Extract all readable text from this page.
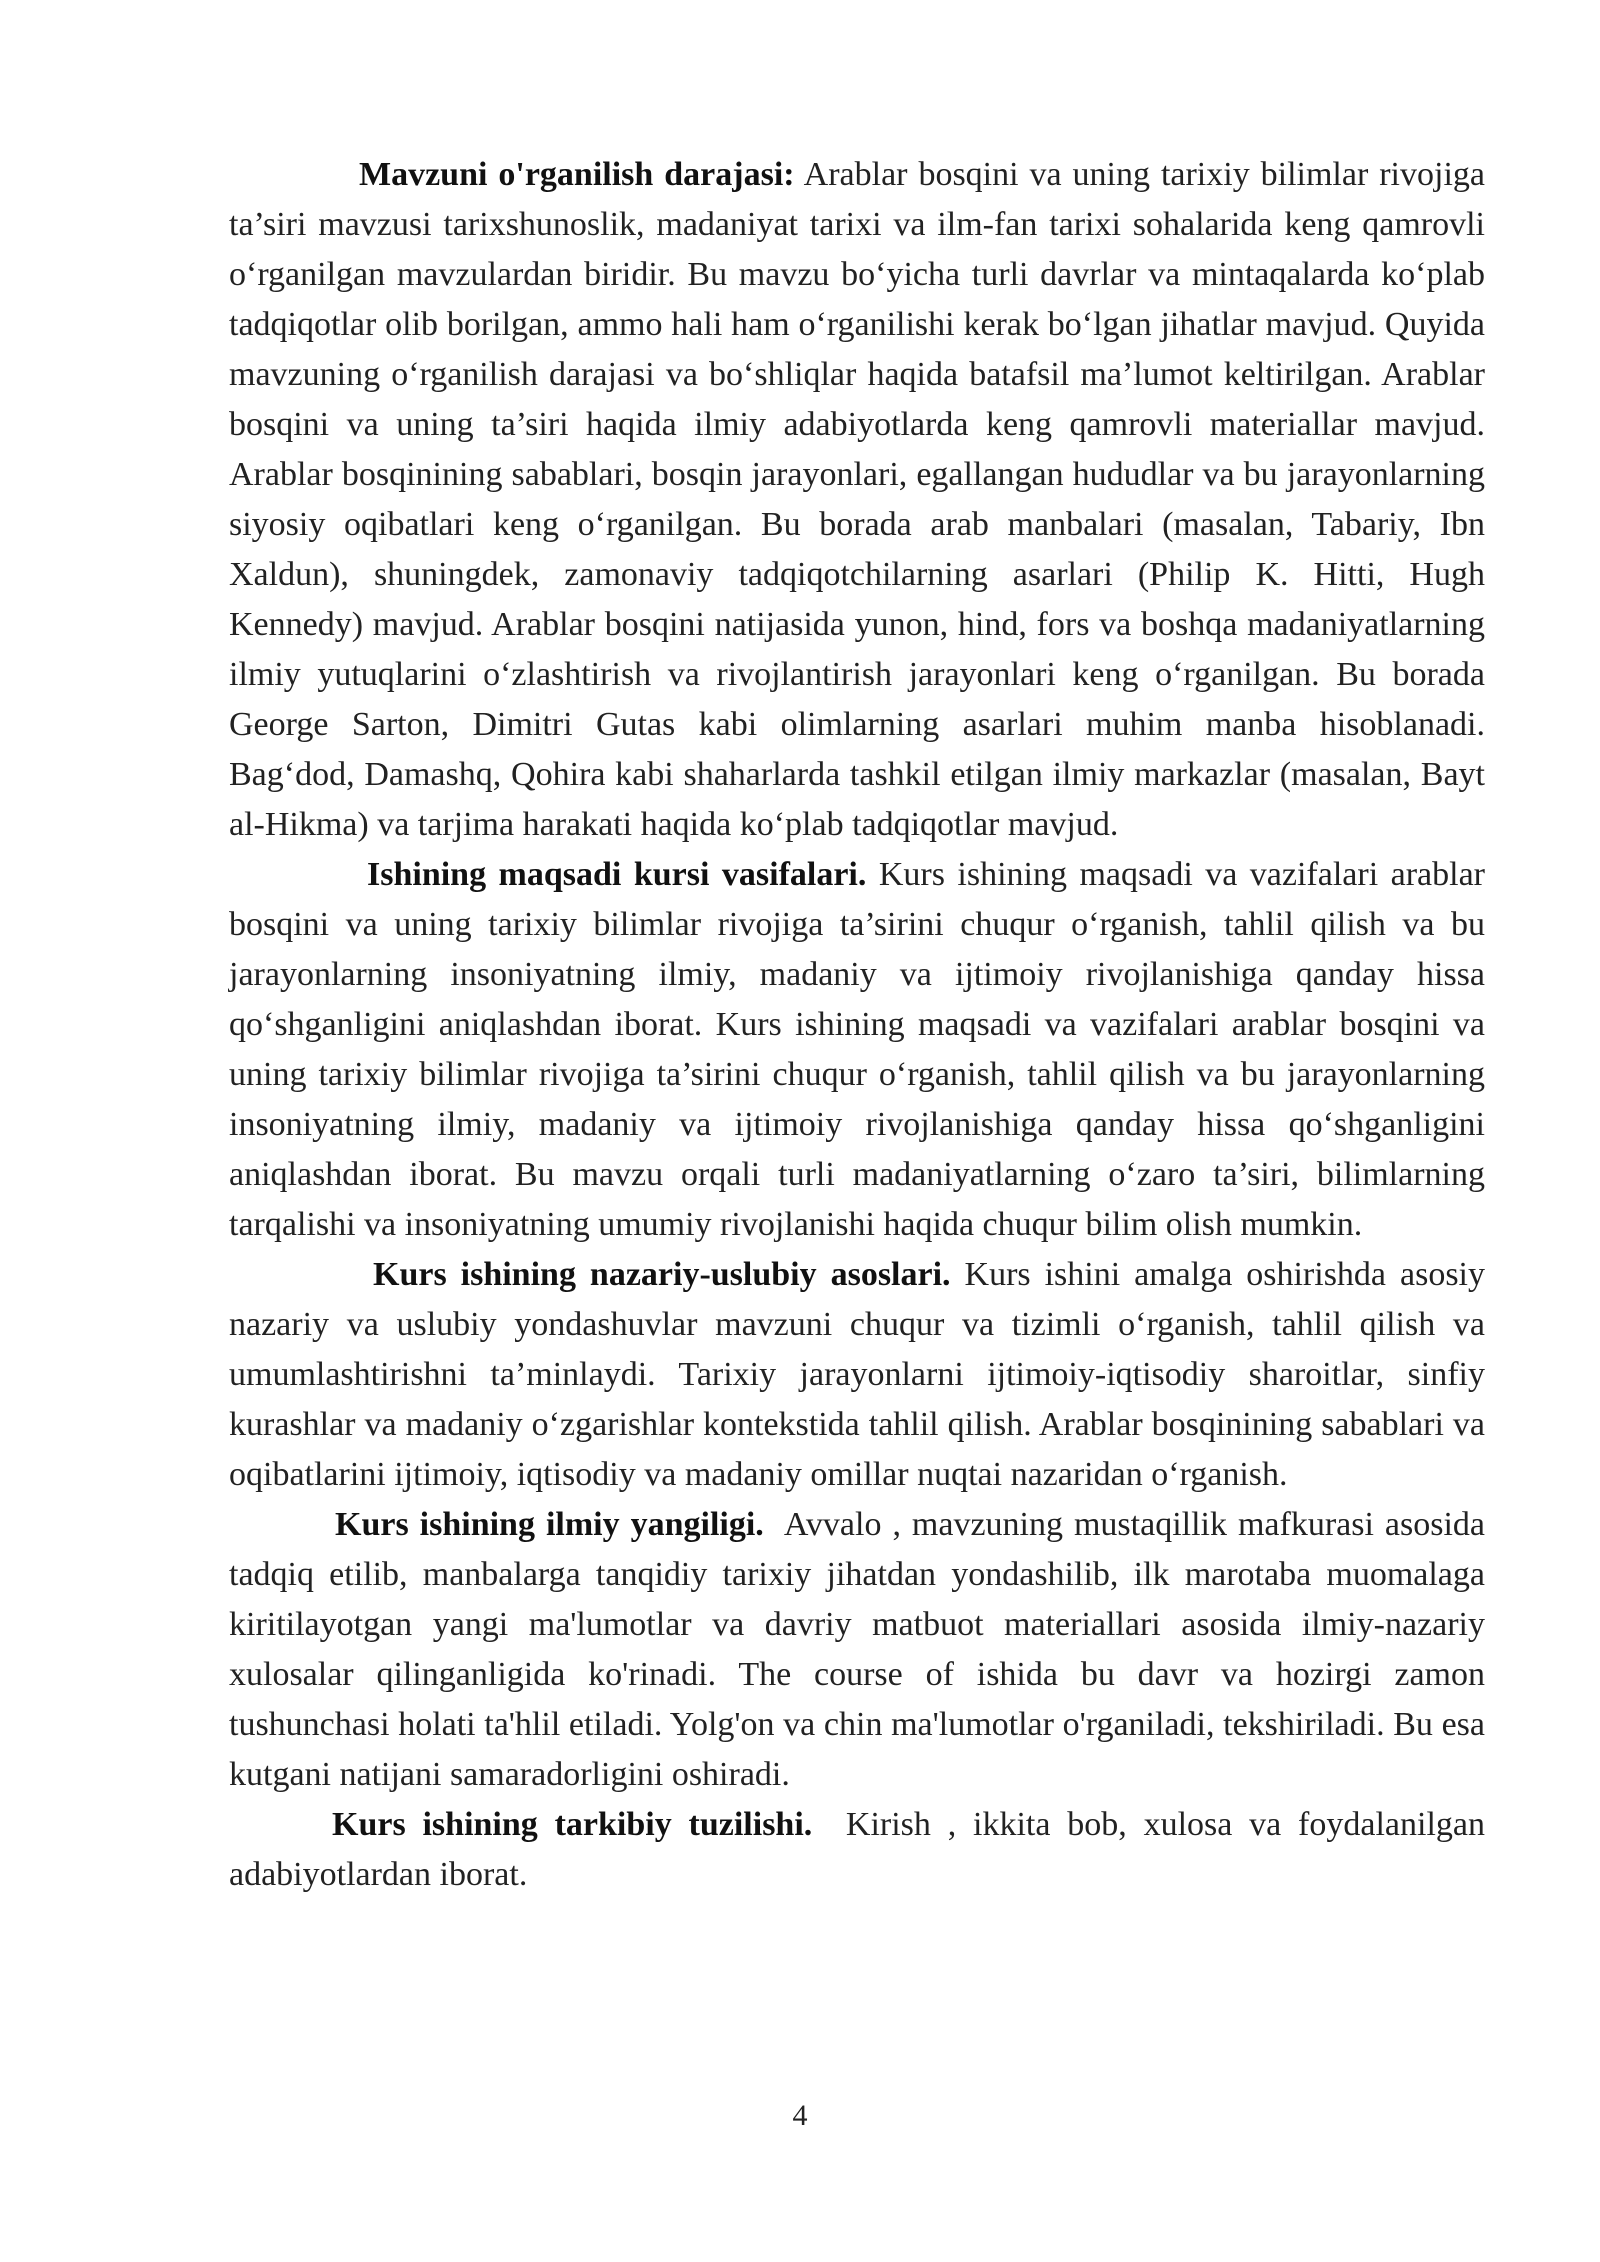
Mavzuni o'rganilish darajasi: Arablar bosqini va uning tarixiy bilimlar rivojiga ta’siri mavzusi tarixshunoslik, madaniyat tarixi va ilm-fan tarixi sohalarida keng qamrovli o‘rganilgan mavzulardan biridir. Bu mavzu bo‘yicha turli davrlar va mintaqalarda ko‘plab tadqiqotlar olib borilgan, ammo hali ham o‘rganilishi kerak bo‘lgan jihatlar mavjud. Quyida mavzuning o‘rganilish darajasi va bo‘shliqlar haqida batafsil ma’lumot keltirilgan. Arablar bosqini va uning ta’siri haqida ilmiy adabiyotlarda keng qamrovli materiallar mavjud. Arablar bosqinining sabablari, bosqin jarayonlari, egallangan hududlar va bu jarayonlarning siyosiy oqibatlari keng o‘rganilgan. Bu borada arab manbalari (masalan, Tabariy, Ibn Xaldun), shuningdek, zamonaviy tadqiqotchilarning asarlari (Philip K. Hitti, Hugh Kennedy) mavjud. Arablar bosqini natijasida yunon, hind, fors va boshqa madaniyatlarning ilmiy yutuqlarini o‘zlashtirish va rivojlantirish jarayonlari keng o‘rganilgan. Bu borada George Sarton, Dimitri Gutas kabi olimlarning asarlari muhim manba hisoblanadi. Bag‘dod, Damashq, Qohira kabi shaharlarda tashkil etilgan ilmiy markazlar (masalan, Bayt al-Hikma) va tarjima harakati haqida ko‘plab tadqiqotlar mavjud.

Ishining maqsadi kursi vasifalari. Kurs ishining maqsadi va vazifalari arablar bosqini va uning tarixiy bilimlar rivojiga ta’sirini chuqur o‘rganish, tahlil qilish va bu jarayonlarning insoniyatning ilmiy, madaniy va ijtimoiy rivojlanishiga qanday hissa qo‘shganligini aniqlashdan iborat. Kurs ishining maqsadi va vazifalari arablar bosqini va uning tarixiy bilimlar rivojiga ta’sirini chuqur o‘rganish, tahlil qilish va bu jarayonlarning insoniyatning ilmiy, madaniy va ijtimoiy rivojlanishiga qanday hissa qo‘shganligini aniqlashdan iborat. Bu mavzu orqali turli madaniyatlarning o‘zaro ta’siri, bilimlarning tarqalishi va insoniyatning umumiy rivojlanishi haqida chuqur bilim olish mumkin.

Kurs ishining nazariy-uslubiy asoslari. Kurs ishini amalga oshirishda asosiy nazariy va uslubiy yondashuvlar mavzuni chuqur va tizimli o‘rganish, tahlil qilish va umumlashtirishni ta’minlaydi. Tarixiy jarayonlarni ijtimoiy-iqtisodiy sharoitlar, sinfiy kurashlar va madaniy o‘zgarishlar kontekstida tahlil qilish. Arablar bosqinining sabablari va oqibatlarini ijtimoiy, iqtisodiy va madaniy omillar nuqtai nazaridan o‘rganish.

Kurs ishining ilmiy yangiligi.  Avvalo , mavzuning mustaqillik mafkurasi asosida tadqiq etilib, manbalarga tanqidiy tarixiy jihatdan yondashilib, ilk marotaba muomalaga kiritilayotgan yangi ma'lumotlar va davriy matbuot materiallari asosida ilmiy-nazariy xulosalar qilinganligida ko'rinadi. The course of ishida bu davr va hozirgi zamon tushunchasi holati ta'hlil etiladi. Yolg'on va chin ma'lumotlar o'rganiladi, tekshiriladi. Bu esa kutgani natijani samaradorligini oshiradi.

Kurs ishining tarkibiy tuzilishi.  Kirish , ikkita bob, xulosa va foydalanilgan adabiyotlardan iborat.

4
